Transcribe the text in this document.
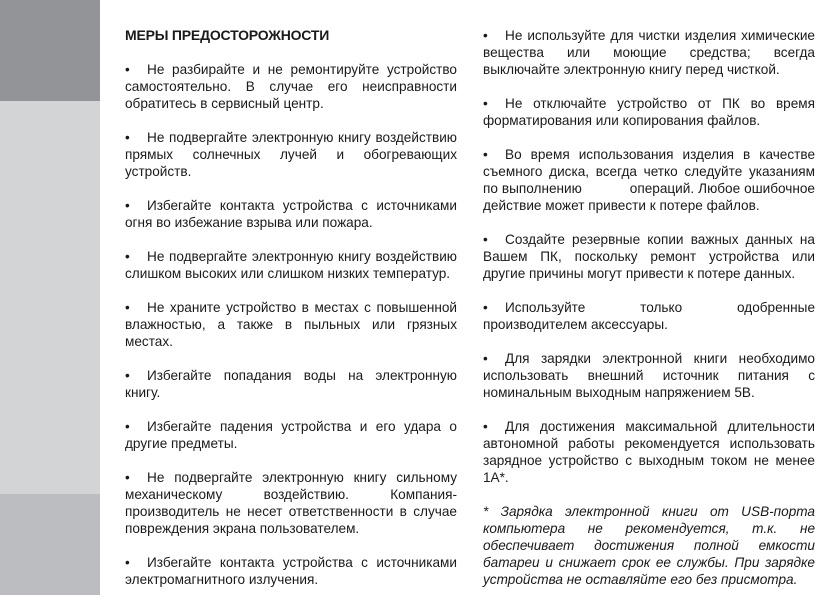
МЕРЫ ПРЕДОСТОРОЖНОСТИ

• Не разбирайте и не ремонтируйте устройство самостоятельно. В случае его неисправности обратитесь в сервисный центр.

• Не подвергайте электронную книгу воздействию прямых солнечных лучей и обогревающих устройств.

• Избегайте контакта устройства с источниками огня во избежание взрыва или пожара.

• Не подвергайте электронную книгу воздействию слишком высоких или слишком низких температур.

• Не храните устройство в местах с повышенной влажностью, а также в пыльных или грязных местах.

• Избегайте попадания воды на электронную книгу.

• Избегайте падения устройства и его удара о другие предметы.

• Не подвергайте электронную книгу сильному механическому воздействию. Компания-производитель не несет ответственности в случае повреждения экрана пользователем.

• Избегайте контакта устройства с источниками электромагнитного излучения.

• Не используйте для чистки изделия химические вещества или моющие средства; всегда выключайте электронную книгу перед чисткой.

• Не отключайте устройство от ПК во время форматирования или копирования файлов.

• Во время использования изделия в качестве съемного диска, всегда четко следуйте указаниям по выполнению            операций. Любое ошибочное действие может привести к потере файлов.

• Создайте резервные копии важных данных на Вашем ПК, поскольку ремонт устройства или другие причины могут привести к потере данных.

• Используйте только одобренные производителем аксессуары.

• Для зарядки электронной книги необходимо использовать внешний источник питания с номинальным выходным напряжением 5В.

• Для достижения максимальной длительности автономной работы рекомендуется использовать зарядное устройство с выходным током не менее 1А*.

* Зарядка электронной книги от USB-порта компьютера не рекомендуется, т.к. не обеспечивает достижения полной емкости батареи и снижает срок ее службы. При зарядке устройства не оставляйте его без присмотра.
